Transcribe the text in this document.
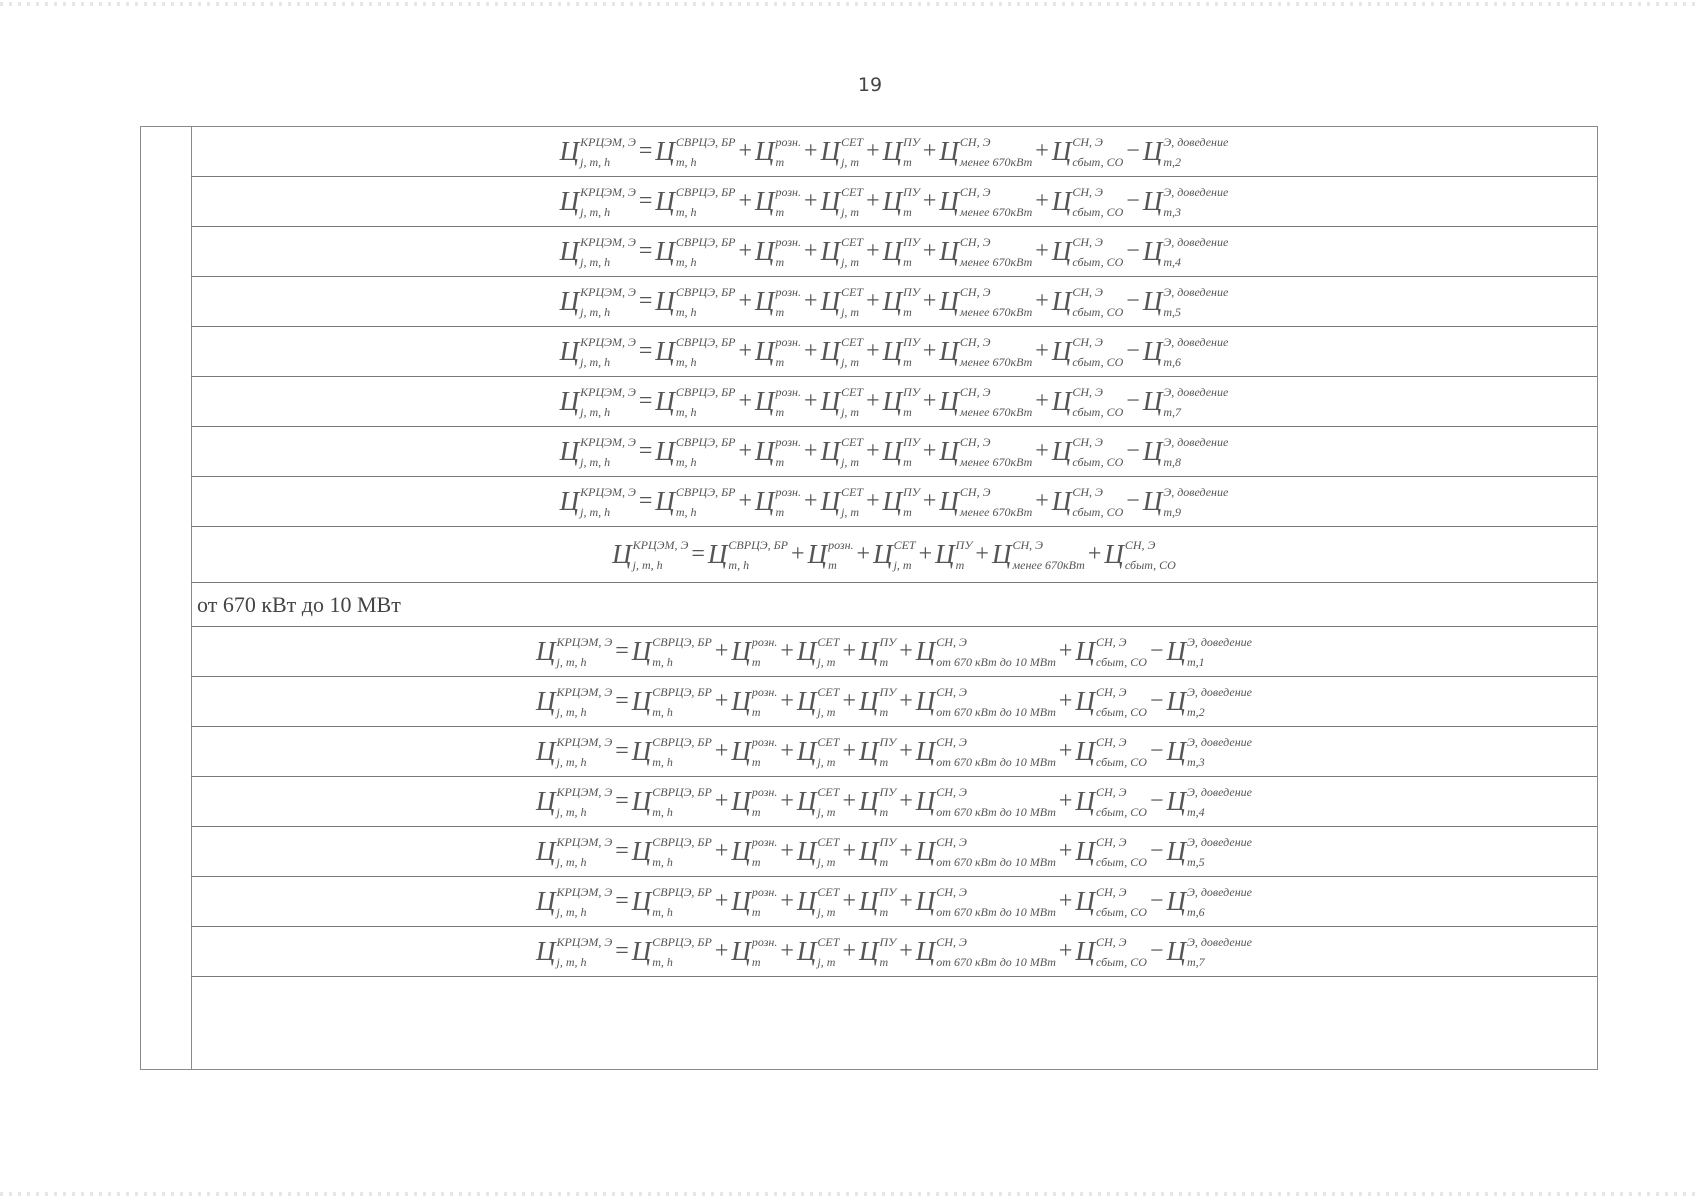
19
Ц КРЦЭМ, Э
j, m, h	= Ц СВРЦЭ, БР
m, h	+ Ц розн.
m + Ц СЕТ
j, m + Ц ПУ
m + Ц СН, Э
менее 670кВт + Ц СН, Э
сбыт, СО − Ц Э, доведение
m,2
Ц КРЦЭМ, Э
j, m, h	= Ц СВРЦЭ, БР
m, h	+ Ц розн.
m + Ц СЕТ
j, m + Ц ПУ
m + Ц СН, Э
менее 670кВт + Ц СН, Э
сбыт, СО − Ц Э, доведение
m,3
Ц КРЦЭМ, Э
j, m, h	= Ц СВРЦЭ, БР
m, h	+ Ц розн.
m + Ц СЕТ
j, m + Ц ПУ
m + Ц СН, Э
менее 670кВт + Ц СН, Э
сбыт, СО − Ц Э, доведение
m,4
Ц КРЦЭМ, Э
j, m, h	= Ц СВРЦЭ, БР
m, h	+ Ц розн.
m + Ц СЕТ
j, m + Ц ПУ
m + Ц СН, Э
менее 670кВт + Ц СН, Э
сбыт, СО − Ц Э, доведение
m,5
Ц КРЦЭМ, Э
j, m, h	= Ц СВРЦЭ, БР
m, h	+ Ц розн.
m + Ц СЕТ
j, m + Ц ПУ
m + Ц СН, Э
менее 670кВт + Ц СН, Э
сбыт, СО − Ц Э, доведение
m,6
Ц КРЦЭМ, Э
j, m, h	= Ц СВРЦЭ, БР
m, h	+ Ц розн.
m + Ц СЕТ
j, m + Ц ПУ
m + Ц СН, Э
менее 670кВт + Ц СН, Э
сбыт, СО − Ц Э, доведение
m,7
Ц КРЦЭМ, Э
j, m, h	= Ц СВРЦЭ, БР
m, h	+ Ц розн.
m + Ц СЕТ
j, m + Ц ПУ
m + Ц СН, Э
менее 670кВт + Ц СН, Э
сбыт, СО − Ц Э, доведение
m,8
Ц КРЦЭМ, Э
j, m, h	= Ц СВРЦЭ, БР
m, h	+ Ц розн.
m + Ц СЕТ
j, m + Ц ПУ
m + Ц СН, Э
менее 670кВт + Ц СН, Э
сбыт, СО − Ц Э, доведение
m,9
Ц КРЦЭМ, Э
j, m, h	= Ц СВРЦЭ, БР
m, h	+ Ц розн.
m + Ц СЕТ
j, m + Ц ПУ
m + Ц СН, Э
менее 670кВт + Ц СН, Э
сбыт, СО
от 670 кВт до 10 МВт
Ц КРЦЭМ, Э
j, m, h	= Ц СВРЦЭ, БР
m, h	+ Ц розн.
m + Ц СЕТ
j, m + Ц ПУ
m + Ц СН, Э
от 670 кВт до 10 МВт + Ц СН, Э
сбыт, СО − Ц Э, доведение
m,1
Ц КРЦЭМ, Э
j, m, h	= Ц СВРЦЭ, БР
m, h	+ Ц розн.
m + Ц СЕТ
j, m + Ц ПУ
m + Ц СН, Э
от 670 кВт до 10 МВт + Ц СН, Э
сбыт, СО − Ц Э, доведение
m,2
Ц КРЦЭМ, Э
j, m, h	= Ц СВРЦЭ, БР
m, h	+ Ц розн.
m + Ц СЕТ
j, m + Ц ПУ
m + Ц СН, Э
от 670 кВт до 10 МВт + Ц СН, Э
сбыт, СО − Ц Э, доведение
m,3
Ц КРЦЭМ, Э
j, m, h	= Ц СВРЦЭ, БР
m, h	+ Ц розн.
m + Ц СЕТ
j, m + Ц ПУ
m + Ц СН, Э
от 670 кВт до 10 МВт + Ц СН, Э
сбыт, СО − Ц Э, доведение
m,4
Ц КРЦЭМ, Э
j, m, h	= Ц СВРЦЭ, БР
m, h	+ Ц розн.
m + Ц СЕТ
j, m + Ц ПУ
m + Ц СН, Э
от 670 кВт до 10 МВт + Ц СН, Э
сбыт, СО − Ц Э, доведение
m,5
Ц КРЦЭМ, Э
j, m, h	= Ц СВРЦЭ, БР
m, h	+ Ц розн.
m + Ц СЕТ
j, m + Ц ПУ
m + Ц СН, Э
от 670 кВт до 10 МВт + Ц СН, Э
сбыт, СО − Ц Э, доведение
m,6
Ц КРЦЭМ, Э
j, m, h	= Ц СВРЦЭ, БР
m, h	+ Ц розн.
m + Ц СЕТ
j, m + Ц ПУ
m + Ц СН, Э
от 670 кВт до 10 МВт + Ц СН, Э
сбыт, СО − Ц Э, доведение
m,7
